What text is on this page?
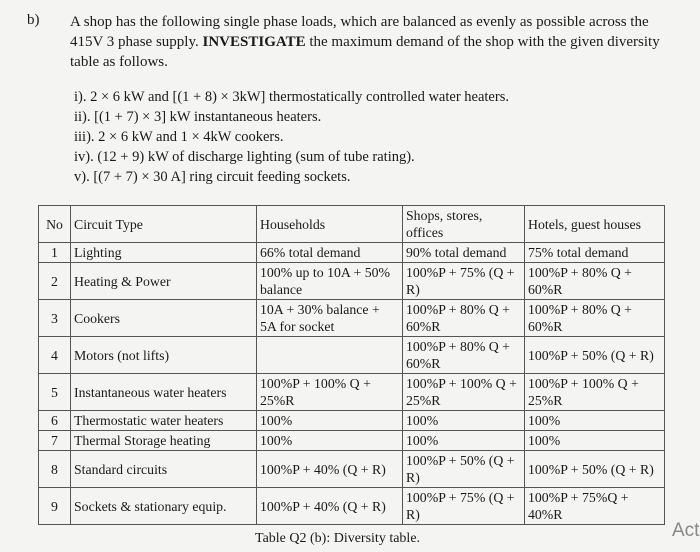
b) A shop has the following single phase loads, which are balanced as evenly as possible across the 415V 3 phase supply. INVESTIGATE the maximum demand of the shop with the given diversity table as follows.
i). 2 × 6 kW and [(1 + 8) × 3kW] thermostatically controlled water heaters.
ii). [(1 + 7) × 3] kW instantaneous heaters.
iii). 2 × 6 kW and 1 × 4kW cookers.
iv). (12 + 9) kW of discharge lighting (sum of tube rating).
v). [(7 + 7) × 30 A] ring circuit feeding sockets.
No	Circuit Type	Households	Shops, stores, offices	Hotels, guest houses
1	Lighting	66% total demand	90% total demand	75% total demand
2	Heating & Power	100% up to 10A + 50% balance	100%P + 75% (Q + R)	100%P + 80% Q + 60%R
3	Cookers	10A + 30% balance + 5A for socket	100%P + 80% Q + 60%R	100%P + 80% Q + 60%R
4	Motors (not lifts)		100%P + 80% Q + 60%R	100%P + 50% (Q + R)
5	Instantaneous water heaters	100%P + 100% Q + 25%R	100%P + 100% Q + 25%R	100%P + 100% Q + 25%R
6	Thermostatic water heaters	100%	100%	100%
7	Thermal Storage heating	100%	100%	100%
8	Standard circuits	100%P + 40% (Q + R)	100%P + 50% (Q + R)	100%P + 50% (Q + R)
9	Sockets & stationary equip.	100%P + 40% (Q + R)	100%P + 75% (Q + R)	100%P + 75%Q + 40%R
Table Q2 (b): Diversity table.	Act
